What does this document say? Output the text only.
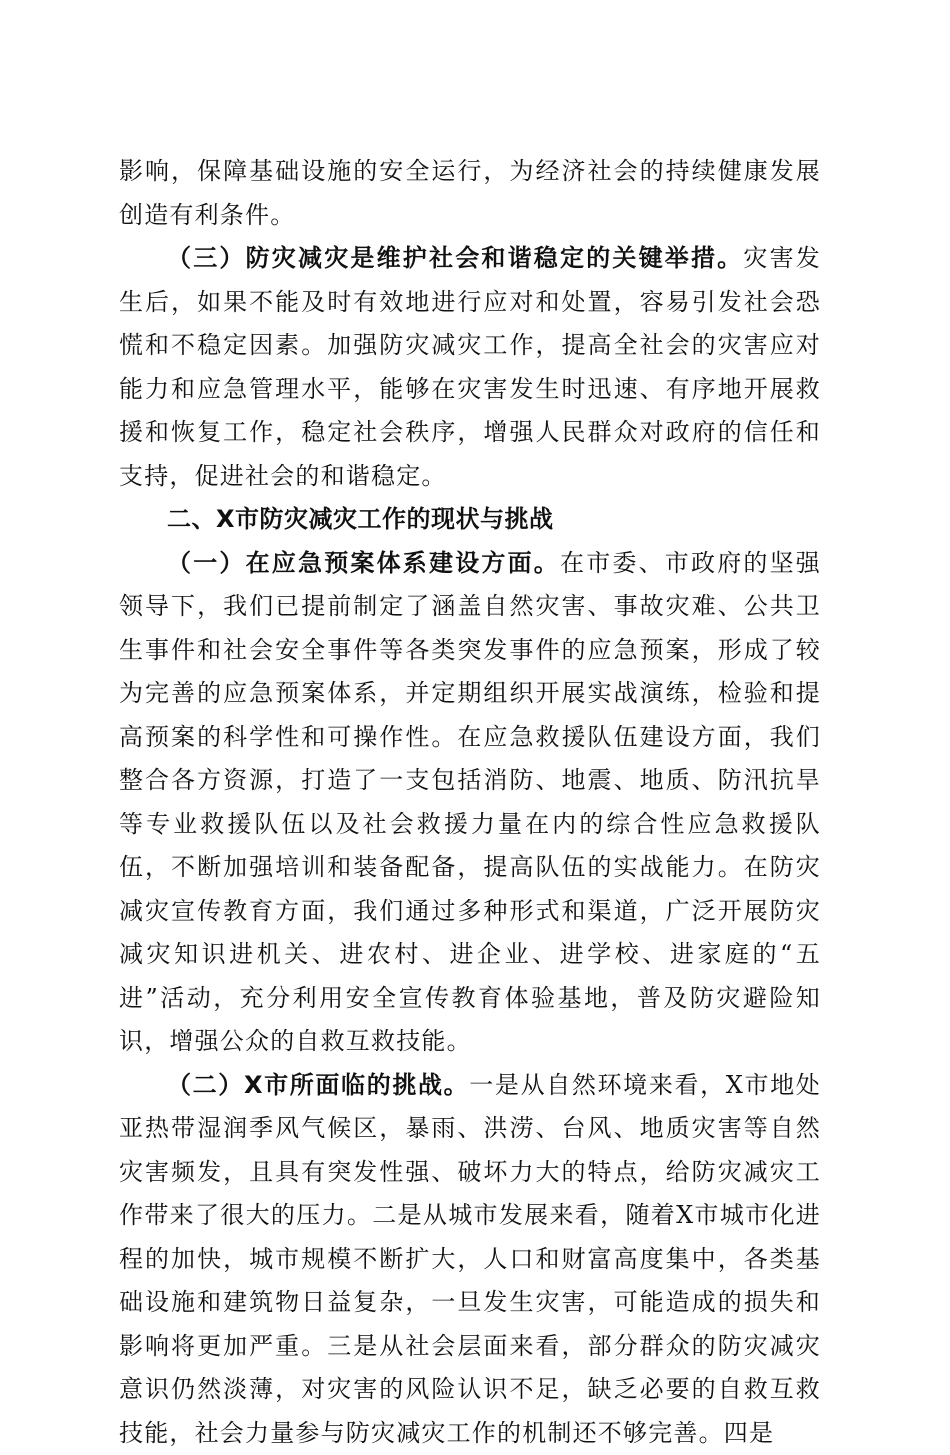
影响，保障基础设施的安全运行，为经济社会的持续健康发展创造有利条件。

（三）防灾减灾是维护社会和谐稳定的关键举措。灾害发生后，如果不能及时有效地进行应对和处置，容易引发社会恐慌和不稳定因素。加强防灾减灾工作，提高全社会的灾害应对能力和应急管理水平，能够在灾害发生时迅速、有序地开展救援和恢复工作，稳定社会秩序，增强人民群众对政府的信任和支持，促进社会的和谐稳定。

二、X市防灾减灾工作的现状与挑战

（一）在应急预案体系建设方面。在市委、市政府的坚强领导下，我们已提前制定了涵盖自然灾害、事故灾难、公共卫生事件和社会安全事件等各类突发事件的应急预案，形成了较为完善的应急预案体系，并定期组织开展实战演练，检验和提高预案的科学性和可操作性。在应急救援队伍建设方面，我们整合各方资源，打造了一支包括消防、地震、地质、防汛抗旱等专业救援队伍以及社会救援力量在内的综合性应急救援队伍，不断加强培训和装备配备，提高队伍的实战能力。在防灾减灾宣传教育方面，我们通过多种形式和渠道，广泛开展防灾减灾知识进机关、进农村、进企业、进学校、进家庭的“五进”活动，充分利用安全宣传教育体验基地，普及防灾避险知识，增强公众的自救互救技能。

（二）X市所面临的挑战。一是从自然环境来看，X市地处亚热带湿润季风气候区，暴雨、洪涝、台风、地质灾害等自然灾害频发，且具有突发性强、破坏力大的特点，给防灾减灾工作带来了很大的压力。二是从城市发展来看，随着X市城市化进程的加快，城市规模不断扩大，人口和财富高度集中，各类基础设施和建筑物日益复杂，一旦发生灾害，可能造成的损失和影响将更加严重。三是从社会层面来看，部分群众的防灾减灾意识仍然淡薄，对灾害的风险认识不足，缺乏必要的自救互救技能，社会力量参与防灾减灾工作的机制还不够完善。四是
